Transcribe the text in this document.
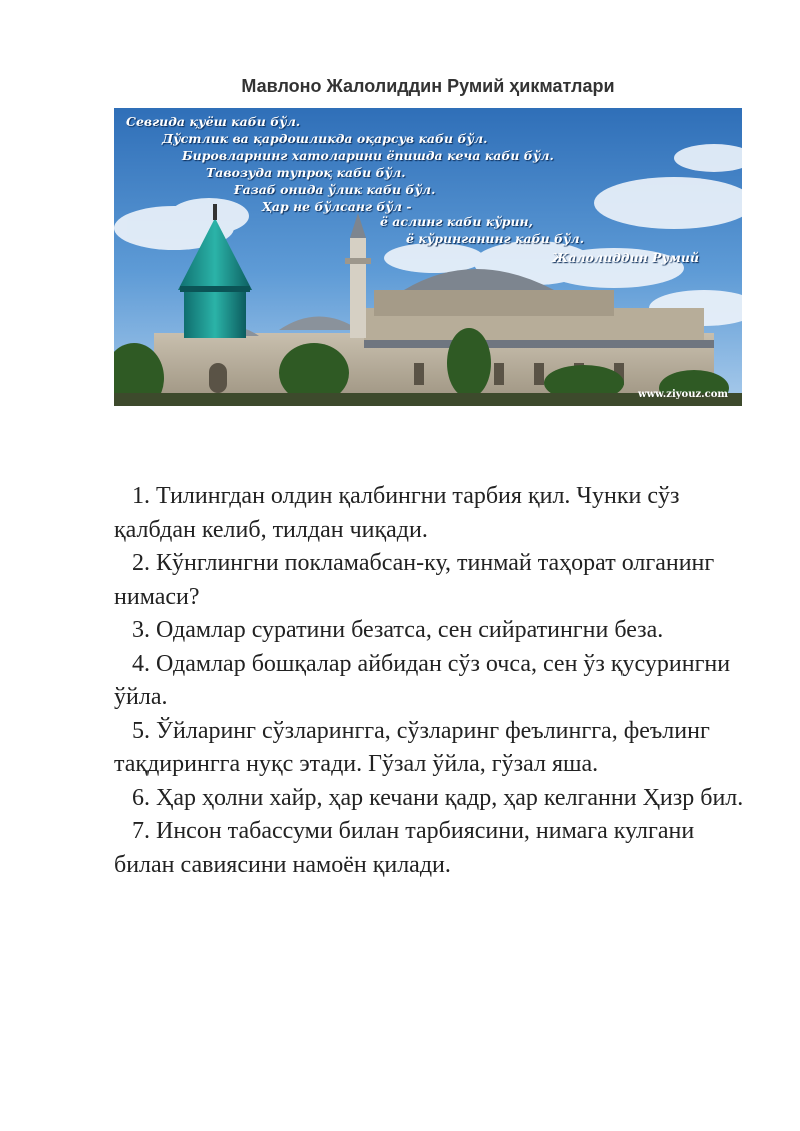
Мавлоно Жалолиддин Румий ҳикматлари
Севгида қуёш каби бўл.
Дўстлик ва қардошликда оқарсув каби бўл.
Бировларнинг хатоларини ёпишда кеча каби бўл.
Тавозуда тупроқ каби бўл.
Ғазаб онида ўлик каби бўл.
Ҳар не бўлсанг бўл -
ё аслинг каби кўрин,
ё кўринганинг каби бўл.
Жалолиддин Румий
www.ziyouz.com

1. Тилингдан олдин қалбингни тарбия қил. Чунки сўз қалбдан келиб, тилдан чиқади.

2. Кўнглингни покламабсан-ку, тинмай таҳорат олганинг нимаси?

3. Одамлар суратини безатса, сен сийратингни беза.

4. Одамлар бошқалар айбидан сўз очса, сен ўз қусурингни ўйла.

5. Ўйларинг сўзларингга, сўзларинг феълингга, феълинг тақдирингга нуқс этади. Гўзал ўйла, гўзал яша.

6. Ҳар ҳолни хайр, ҳар кечани қадр, ҳар келганни Ҳизр бил.

7. Инсон табассуми билан тарбиясини, нимага кулгани билан савиясини намоён қилади.
